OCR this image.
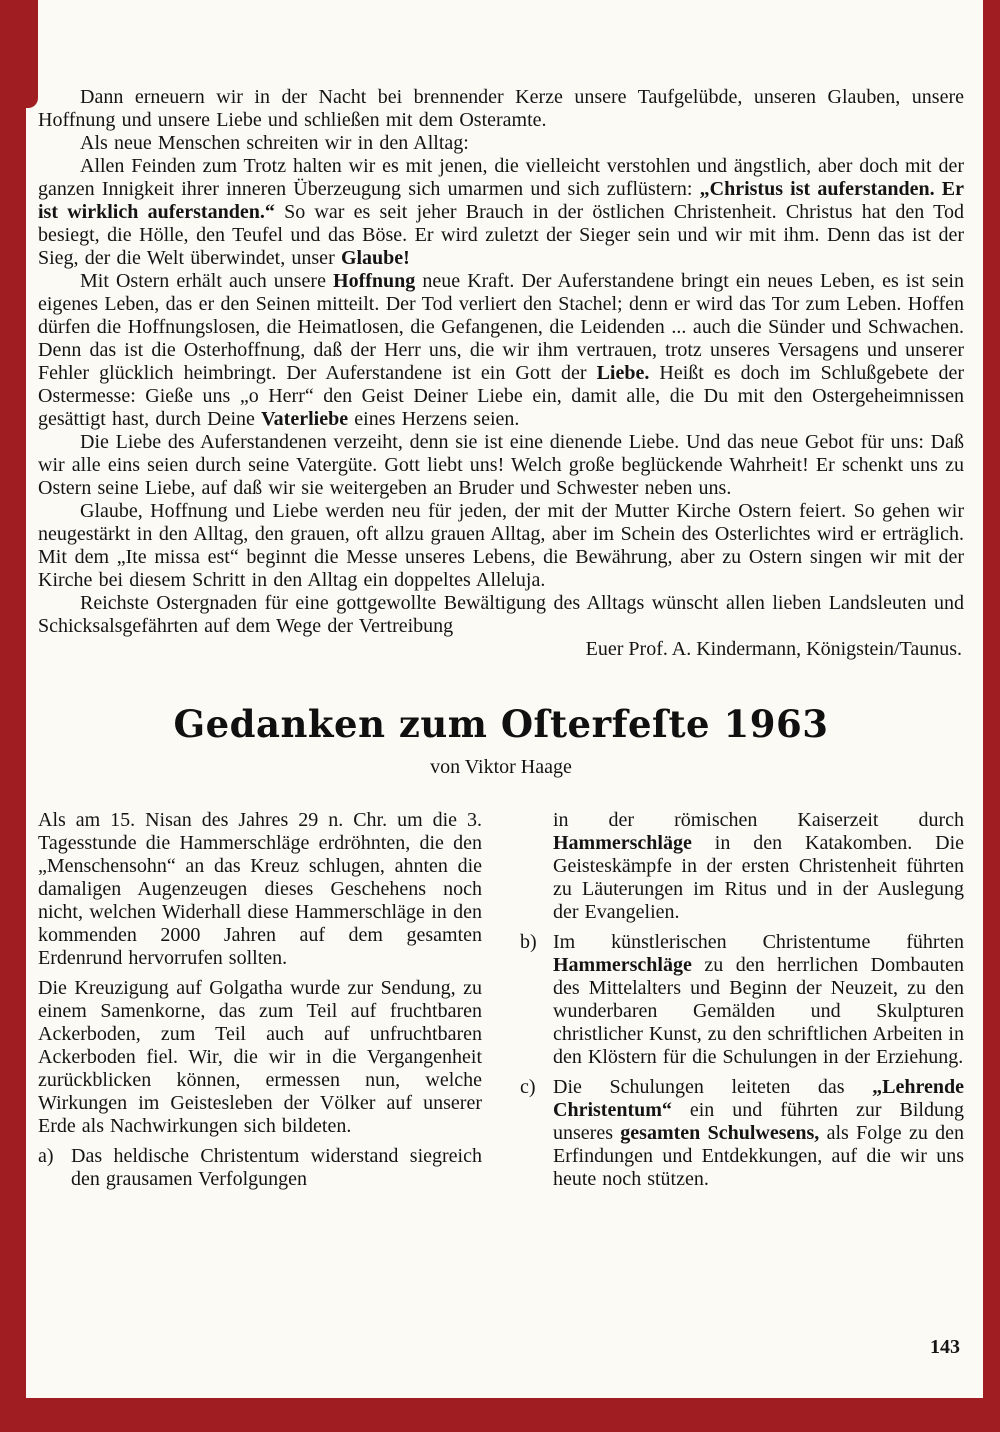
Dann erneuern wir in der Nacht bei brennender Kerze unsere Taufgelübde, unseren Glauben, unsere Hoffnung und unsere Liebe und schließen mit dem Osteramte.

Als neue Menschen schreiten wir in den Alltag:

Allen Feinden zum Trotz halten wir es mit jenen, die vielleicht verstohlen und ängstlich, aber doch mit der ganzen Innigkeit ihrer inneren Überzeugung sich umarmen und sich zuflüstern: „Christus ist auferstanden. Er ist wirklich auferstanden.“ So war es seit jeher Brauch in der östlichen Christenheit. Christus hat den Tod besiegt, die Hölle, den Teufel und das Böse. Er wird zuletzt der Sieger sein und wir mit ihm. Denn das ist der Sieg, der die Welt überwindet, unser Glaube!

Mit Ostern erhält auch unsere Hoffnung neue Kraft. Der Auferstandene bringt ein neues Leben, es ist sein eigenes Leben, das er den Seinen mitteilt. Der Tod verliert den Stachel; denn er wird das Tor zum Leben. Hoffen dürfen die Hoffnungslosen, die Heimatlosen, die Gefangenen, die Leidenden ... auch die Sünder und Schwachen. Denn das ist die Osterhoffnung, daß der Herr uns, die wir ihm vertrauen, trotz unseres Versagens und unserer Fehler glücklich heimbringt. Der Auferstandene ist ein Gott der Liebe. Heißt es doch im Schlußgebete der Ostermesse: Gieße uns „o Herr“ den Geist Deiner Liebe ein, damit alle, die Du mit den Ostergeheimnissen gesättigt hast, durch Deine Vaterliebe eines Herzens seien.

Die Liebe des Auferstandenen verzeiht, denn sie ist eine dienende Liebe. Und das neue Gebot für uns: Daß wir alle eins seien durch seine Vatergüte. Gott liebt uns! Welch große beglückende Wahrheit! Er schenkt uns zu Ostern seine Liebe, auf daß wir sie weitergeben an Bruder und Schwester neben uns.

Glaube, Hoffnung und Liebe werden neu für jeden, der mit der Mutter Kirche Ostern feiert. So gehen wir neugestärkt in den Alltag, den grauen, oft allzu grauen Alltag, aber im Schein des Osterlichtes wird er erträglich. Mit dem „Ite missa est“ beginnt die Messe unseres Lebens, die Bewährung, aber zu Ostern singen wir mit der Kirche bei diesem Schritt in den Alltag ein doppeltes Alleluja.

Reichste Ostergnaden für eine gottgewollte Bewältigung des Alltags wünscht allen lieben Landsleuten und Schicksalsgefährten auf dem Wege der Vertreibung

Euer Prof. A. Kindermann, Königstein/Taunus.

Gedanken zum Oſterfeſte 1963
von Viktor Haage

Als am 15. Nisan des Jahres 29 n. Chr. um die 3. Tagesstunde die Hammerschläge erdröhnten, die den „Menschensohn“ an das Kreuz schlugen, ahnten die damaligen Augenzeugen dieses Geschehens noch nicht, welchen Widerhall diese Hammerschläge in den kommenden 2000 Jahren auf dem gesamten Erdenrund hervorrufen sollten.

Die Kreuzigung auf Golgatha wurde zur Sendung, zu einem Samenkorne, das zum Teil auf fruchtbaren Ackerboden, zum Teil auch auf unfruchtbaren Ackerboden fiel. Wir, die wir in die Vergangenheit zurückblicken können, ermessen nun, welche Wirkungen im Geistesleben der Völker auf unserer Erde als Nachwirkungen sich bildeten.

a) Das heldische Christentum widerstand siegreich den grausamen Verfolgungen

in der römischen Kaiserzeit durch Hammerschläge in den Katakomben. Die Geisteskämpfe in der ersten Christenheit führten zu Läuterungen im Ritus und in der Auslegung der Evangelien.

b) Im künstlerischen Christentume führten Hammerschläge zu den herrlichen Dombauten des Mittelalters und Beginn der Neuzeit, zu den wunderbaren Gemälden und Skulpturen christlicher Kunst, zu den schriftlichen Arbeiten in den Klöstern für die Schulungen in der Erziehung.
c) Die Schulungen leiteten das „Lehrende Christentum“ ein und führten zur Bildung unseres gesamten Schulwesens, als Folge zu den Erfindungen und Entdekkungen, auf die wir uns heute noch stützen.
143
